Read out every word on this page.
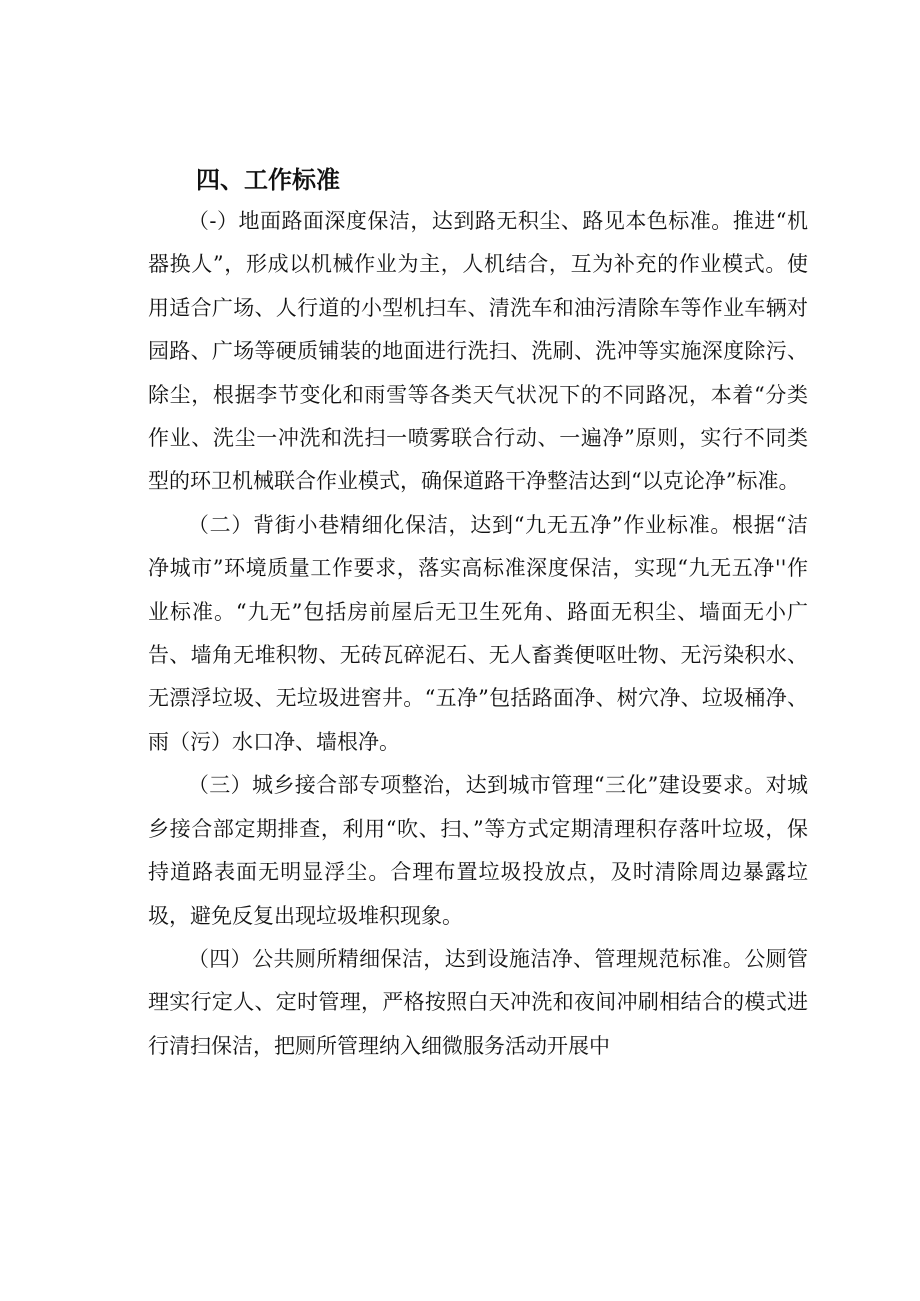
四、工作标准

（-）地面路面深度保洁，达到路无积尘、路见本色标准。推进“机器换人”，形成以机械作业为主，人机结合，互为补充的作业模式。使用适合广场、人行道的小型机扫车、清洗车和油污清除车等作业车辆对园路、广场等硬质铺装的地面进行洗扫、洗刷、洗冲等实施深度除污、除尘，根据李节变化和雨雪等各类天气状况下的不同路况，本着“分类作业、洗尘一冲洗和洗扫一喷雾联合行动、一遍净”原则，实行不同类型的环卫机械联合作业模式，确保道路干净整洁达到“以克论净”标准。

（二）背街小巷精细化保洁，达到“九无五净”作业标准。根据“洁净城市”环境质量工作要求，落实高标准深度保洁，实现“九无五净''作业标准。“九无”包括房前屋后无卫生死角、路面无积尘、墙面无小广告、墙角无堆积物、无砖瓦碎泥石、无人畜粪便呕吐物、无污染积水、无漂浮垃圾、无垃圾进窖井。“五净”包括路面净、树穴净、垃圾桶净、雨（污）水口净、墙根净。

（三）城乡接合部专项整治，达到城市管理“三化”建设要求。对城乡接合部定期排查，利用“吹、扫、”等方式定期清理积存落叶垃圾，保持道路表面无明显浮尘。合理布置垃圾投放点，及时清除周边暴露垃圾，避免反复出现垃圾堆积现象。

（四）公共厕所精细保洁，达到设施洁净、管理规范标准。公厕管理实行定人、定时管理，严格按照白天冲洗和夜间冲刷相结合的模式进行清扫保洁，把厕所管理纳入细微服务活动开展中
